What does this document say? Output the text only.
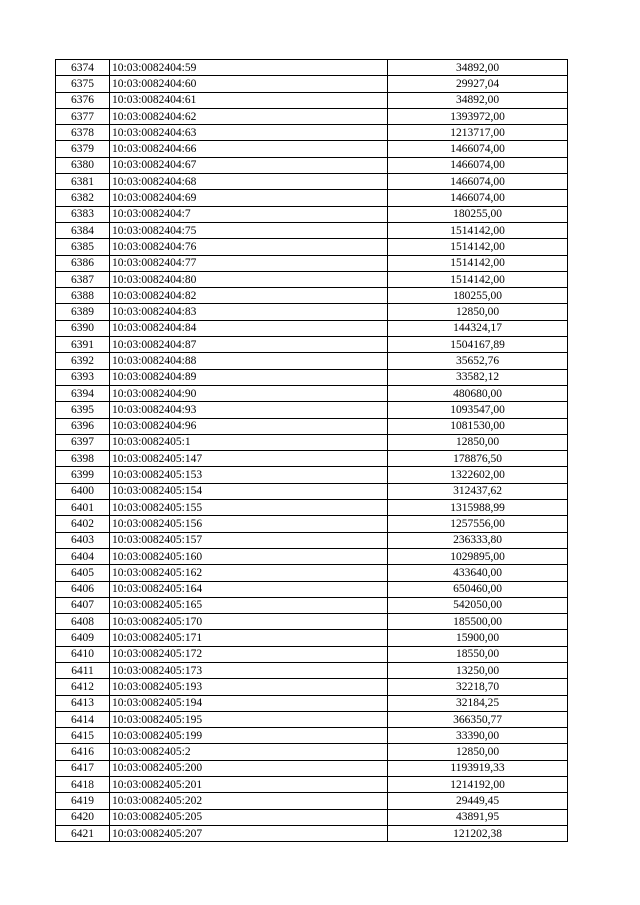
6374	10:03:0082404:59	34892,00
6375	10:03:0082404:60	29927,04
6376	10:03:0082404:61	34892,00
6377	10:03:0082404:62	1393972,00
6378	10:03:0082404:63	1213717,00
6379	10:03:0082404:66	1466074,00
6380	10:03:0082404:67	1466074,00
6381	10:03:0082404:68	1466074,00
6382	10:03:0082404:69	1466074,00
6383	10:03:0082404:7	180255,00
6384	10:03:0082404:75	1514142,00
6385	10:03:0082404:76	1514142,00
6386	10:03:0082404:77	1514142,00
6387	10:03:0082404:80	1514142,00
6388	10:03:0082404:82	180255,00
6389	10:03:0082404:83	12850,00
6390	10:03:0082404:84	144324,17
6391	10:03:0082404:87	1504167,89
6392	10:03:0082404:88	35652,76
6393	10:03:0082404:89	33582,12
6394	10:03:0082404:90	480680,00
6395	10:03:0082404:93	1093547,00
6396	10:03:0082404:96	1081530,00
6397	10:03:0082405:1	12850,00
6398	10:03:0082405:147	178876,50
6399	10:03:0082405:153	1322602,00
6400	10:03:0082405:154	312437,62
6401	10:03:0082405:155	1315988,99
6402	10:03:0082405:156	1257556,00
6403	10:03:0082405:157	236333,80
6404	10:03:0082405:160	1029895,00
6405	10:03:0082405:162	433640,00
6406	10:03:0082405:164	650460,00
6407	10:03:0082405:165	542050,00
6408	10:03:0082405:170	185500,00
6409	10:03:0082405:171	15900,00
6410	10:03:0082405:172	18550,00
6411	10:03:0082405:173	13250,00
6412	10:03:0082405:193	32218,70
6413	10:03:0082405:194	32184,25
6414	10:03:0082405:195	366350,77
6415	10:03:0082405:199	33390,00
6416	10:03:0082405:2	12850,00
6417	10:03:0082405:200	1193919,33
6418	10:03:0082405:201	1214192,00
6419	10:03:0082405:202	29449,45
6420	10:03:0082405:205	43891,95
6421	10:03:0082405:207	121202,38
